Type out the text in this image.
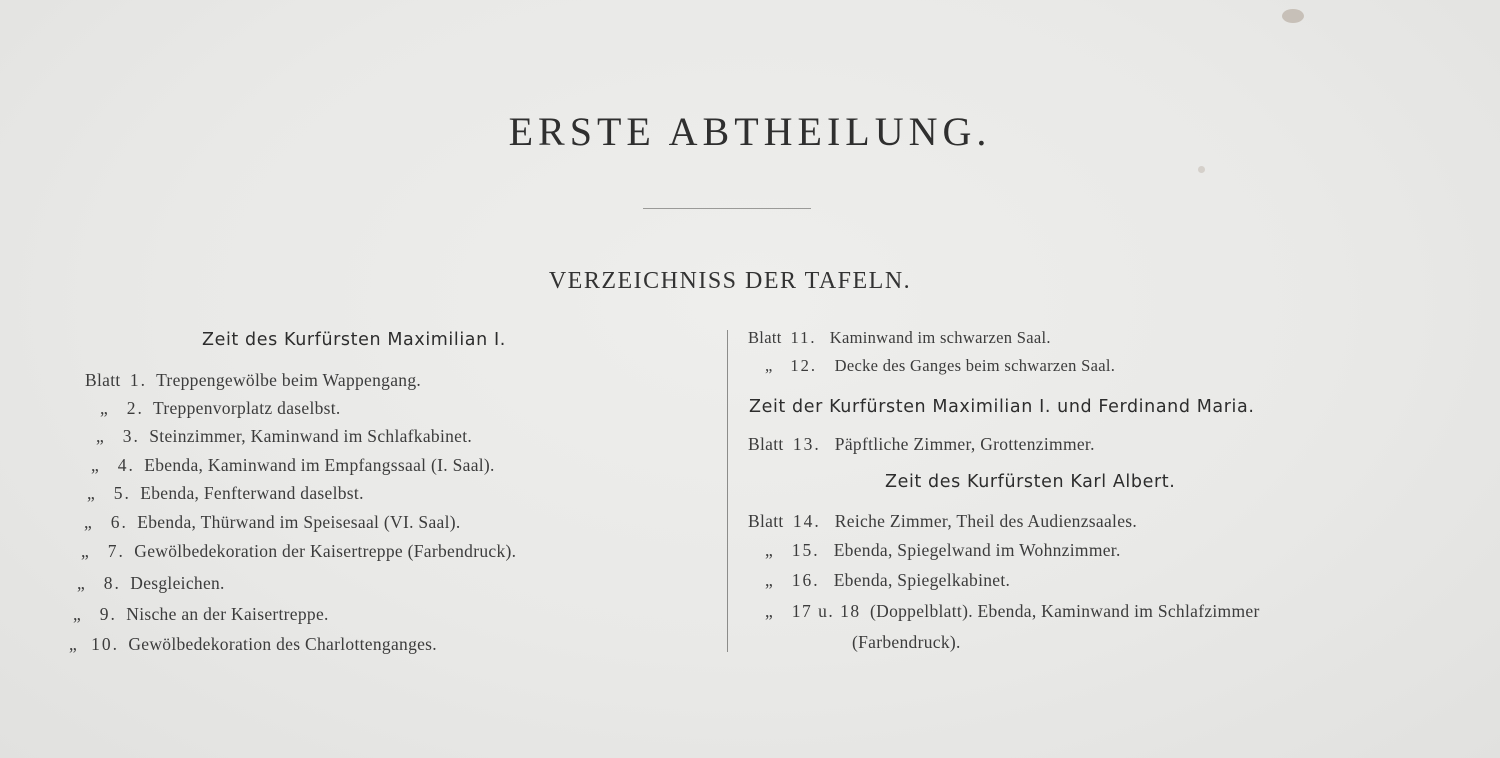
ERSTE ABTHEILUNG.
VERZEICHNISS DER TAFELN.
Zeit des Kurfürsten Maximilian I.
Blatt 1. Treppengewölbe beim Wappengang.
„ 2. Treppenvorplatz daselbst.
„ 3. Steinzimmer, Kaminwand im Schlafkabinet.
„ 4. Ebenda, Kaminwand im Empfangssaal (I. Saal).
„ 5. Ebenda, Fenfterwand daselbst.
„ 6. Ebenda, Thürwand im Speisesaal (VI. Saal).
„ 7. Gewölbedekoration der Kaisertreppe (Farbendruck).
„ 8. Desgleichen.
„ 9. Nische an der Kaisertreppe.
„ 10. Gewölbedekoration des Charlottenganges.
Blatt 11. Kaminwand im schwarzen Saal.
„ 12. Decke des Ganges beim schwarzen Saal.
Zeit der Kurfürsten Maximilian I. und Ferdinand Maria.
Blatt 13. Päpftliche Zimmer, Grottenzimmer.
Zeit des Kurfürsten Karl Albert.
Blatt 14. Reiche Zimmer, Theil des Audienzsaales.
„ 15. Ebenda, Spiegelwand im Wohnzimmer.
„ 16. Ebenda, Spiegelkabinet.
„ 17 u. 18 (Doppelblatt). Ebenda, Kaminwand im Schlafzimmer
(Farbendruck).
